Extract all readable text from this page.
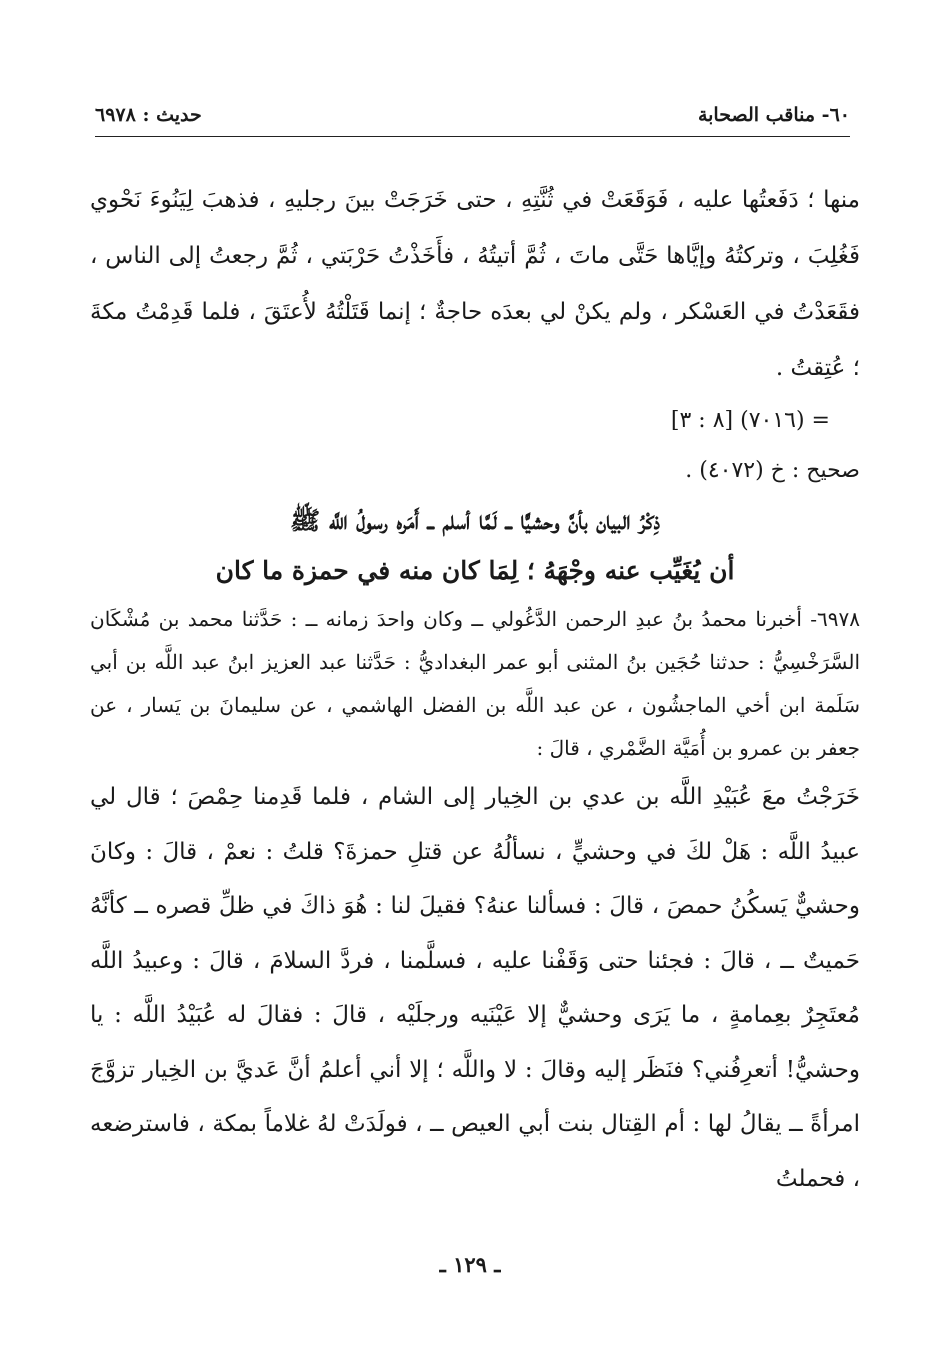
٦٠- مناقب الصحابة
حديث : ٦٩٧٨

منها ؛ دَفَعتُها عليه ، فَوَقَعَتْ في ثُنَّتِهِ ، حتى خَرَجَتْ بينَ رجليهِ ، فذهبَ لِيَنُوءَ نَحْوي فَغُلِبَ ، وتركتُهُ وإيَّاها حَتَّى ماتَ ، ثُمَّ أتيتُهُ ، فأَخَذْتُ حَرْبَتي ، ثُمَّ رجعتُ إلى الناس ، فقَعَدْتُ في العَسْكر ، ولم يكنْ لي بعدَه حاجةٌ ؛ إنما قَتَلْتُهُ لأُعتَقَ ، فلما قَدِمْتُ مكةَ ؛ عُتِقتُ .

= (٧٠١٦) [٨ : ٣]

صحيح : خ (٤٠٧٢) .

ذِكْرُ البيان بأنَّ وحشيًّا ــ لَمَّا أسلم ــ أَمَره رسولُ اللَّه ﷺ

أن يُغَيِّب عنه وجْهَهُ ؛ لِمَا كان منه في حمزة ما كان

٦٩٧٨- أخبرنا محمدُ بنُ عبدِ الرحمن الدَّغُولي ــ وكان واحدَ زمانه ــ : حَدَّثنا محمد بن مُشْكَان السَّرَخْسِيُّ : حدثنا حُجَين بنُ المثنى أبو عمر البغداديُّ : حَدَّثنا عبد العزيز ابنُ عبد اللَّه بن أبي سَلَمة ابن أخي الماجشُون ، عن عبد اللَّه بن الفضل الهاشمي ، عن سليمانَ بن يَسار ، عن جعفر بن عمرو بن أُمَيَّة الضَّمْري ، قالَ :

خَرَجْتُ معَ عُبَيْدِ اللَّه بن عدي بن الخِيار إلى الشام ، فلما قَدِمنا حِمْصَ ؛ قال لي عبيدُ اللَّه : هَلْ لكَ في وحشيٍّ ، نسألُهُ عن قتلِ حمزةَ؟ قلتُ : نعمْ ، قالَ : وكانَ وحشيٌّ يَسكُنُ حمصَ ، قالَ : فسألنا عنهُ؟ فقيلَ لنا : هُوَ ذاكَ في ظلِّ قصره ــ كأنَّهُ حَميتٌ ــ ، قالَ : فجئنا حتى وَقَفْنا عليه ، فسلَّمنا ، فردَّ السلامَ ، قالَ : وعبيدُ اللَّه مُعتَجِرٌ بعِمامةٍ ، ما يَرَى وحشيٌّ إلا عَيْنَيه ورجلَيْه ، قالَ : فقالَ له عُبَيْدُ اللَّه : يا وحشيُّ! أتعرِفُني؟ فنَظَر إليه وقالَ : لا واللَّه ؛ إلا أني أعلمُ أنَّ عَديَّ بن الخِيار تزوَّجَ امرأةً ــ يقالُ لها : أم القِتال بنت أبي العيص ــ ، فولَدَتْ لهُ غلاماً بمكة ، فاسترضعه ، فحملتُ

ـ ١٢٩ ـ
